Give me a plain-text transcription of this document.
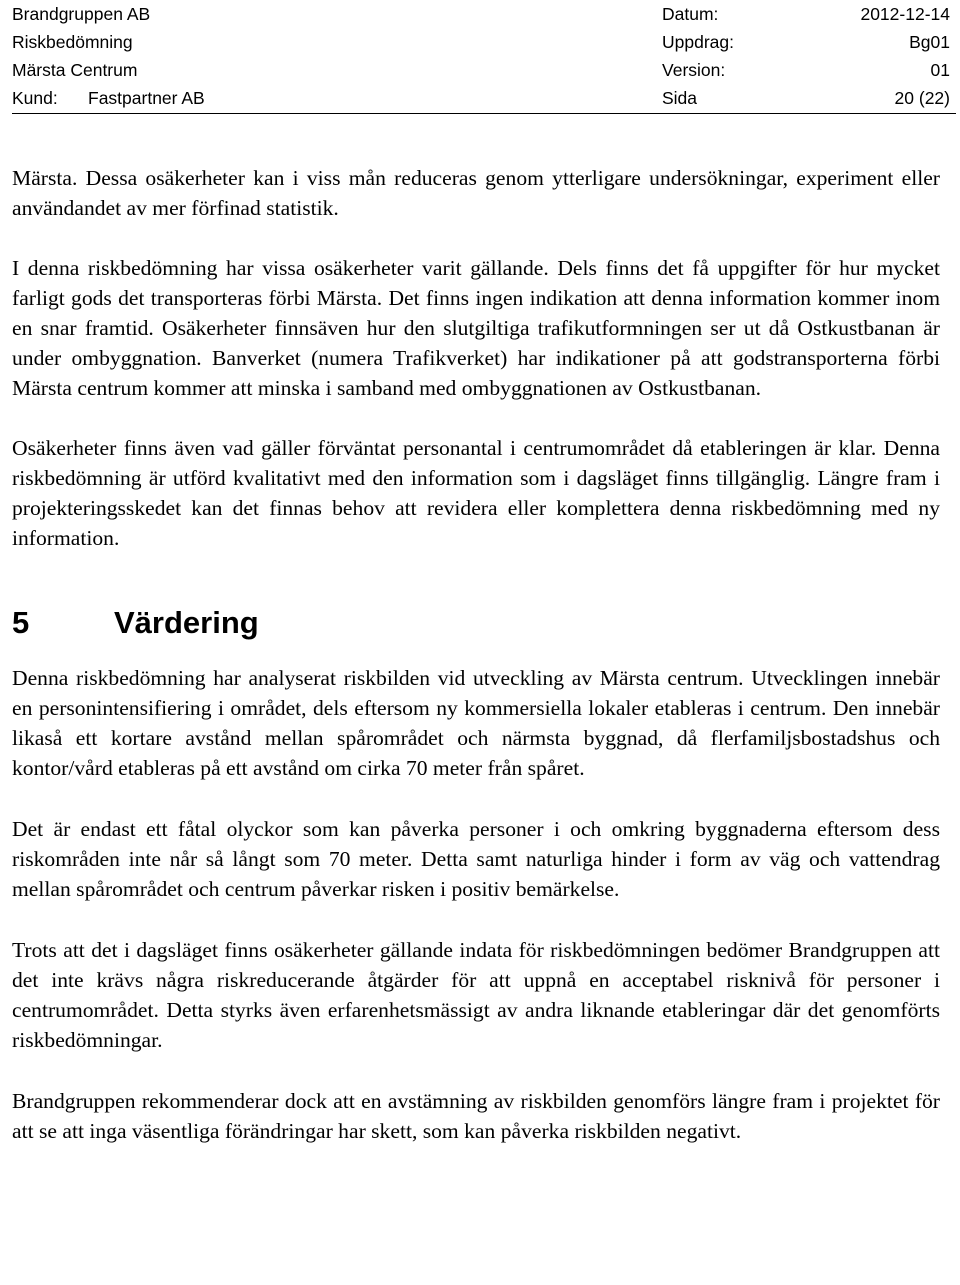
Brandgruppen AB	Datum:	2012-12-14
Riskbedömning	Uppdrag:	Bg01
Märsta Centrum	Version:	01
Kund: Fastpartner AB	Sida	20 (22)

Märsta. Dessa osäkerheter kan i viss mån reduceras genom ytterligare undersökningar, experiment eller användandet av mer förfinad statistik.

I denna riskbedömning har vissa osäkerheter varit gällande. Dels finns det få uppgifter för hur mycket farligt gods det transporteras förbi Märsta. Det finns ingen indikation att denna information kommer inom en snar framtid. Osäkerheter finnsäven hur den slutgiltiga trafikutformningen ser ut då Ostkustbanan är under ombyggnation. Banverket (numera Trafikverket) har indikationer på att godstransporterna förbi Märsta centrum kommer att minska i samband med ombyggnationen av Ostkustbanan.

Osäkerheter finns även vad gäller förväntat personantal i centrumområdet då etableringen är klar. Denna riskbedömning är utförd kvalitativt med den information som i dagsläget finns tillgänglig. Längre fram i projekteringsskedet kan det finnas behov att revidera eller komplettera denna riskbedömning med ny information.

5	Värdering

Denna riskbedömning har analyserat riskbilden vid utveckling av Märsta centrum. Utvecklingen innebär en personintensifiering i området, dels eftersom ny kommersiella lokaler etableras i centrum. Den innebär likaså ett kortare avstånd mellan spårområdet och närmsta byggnad, då flerfamiljsbostadshus och kontor/vård etableras på ett avstånd om cirka 70 meter från spåret.

Det är endast ett fåtal olyckor som kan påverka personer i och omkring byggnaderna eftersom dess riskområden inte når så långt som 70 meter. Detta samt naturliga hinder i form av väg och vattendrag mellan spårområdet och centrum påverkar risken i positiv bemärkelse.

Trots att det i dagsläget finns osäkerheter gällande indata för riskbedömningen bedömer Brandgruppen att det inte krävs några riskreducerande åtgärder för att uppnå en acceptabel risknivå för personer i centrumområdet. Detta styrks även erfarenhetsmässigt av andra liknande etableringar där det genomförts riskbedömningar.

Brandgruppen rekommenderar dock att en avstämning av riskbilden genomförs längre fram i projektet för att se att inga väsentliga förändringar har skett, som kan påverka riskbilden negativt.
